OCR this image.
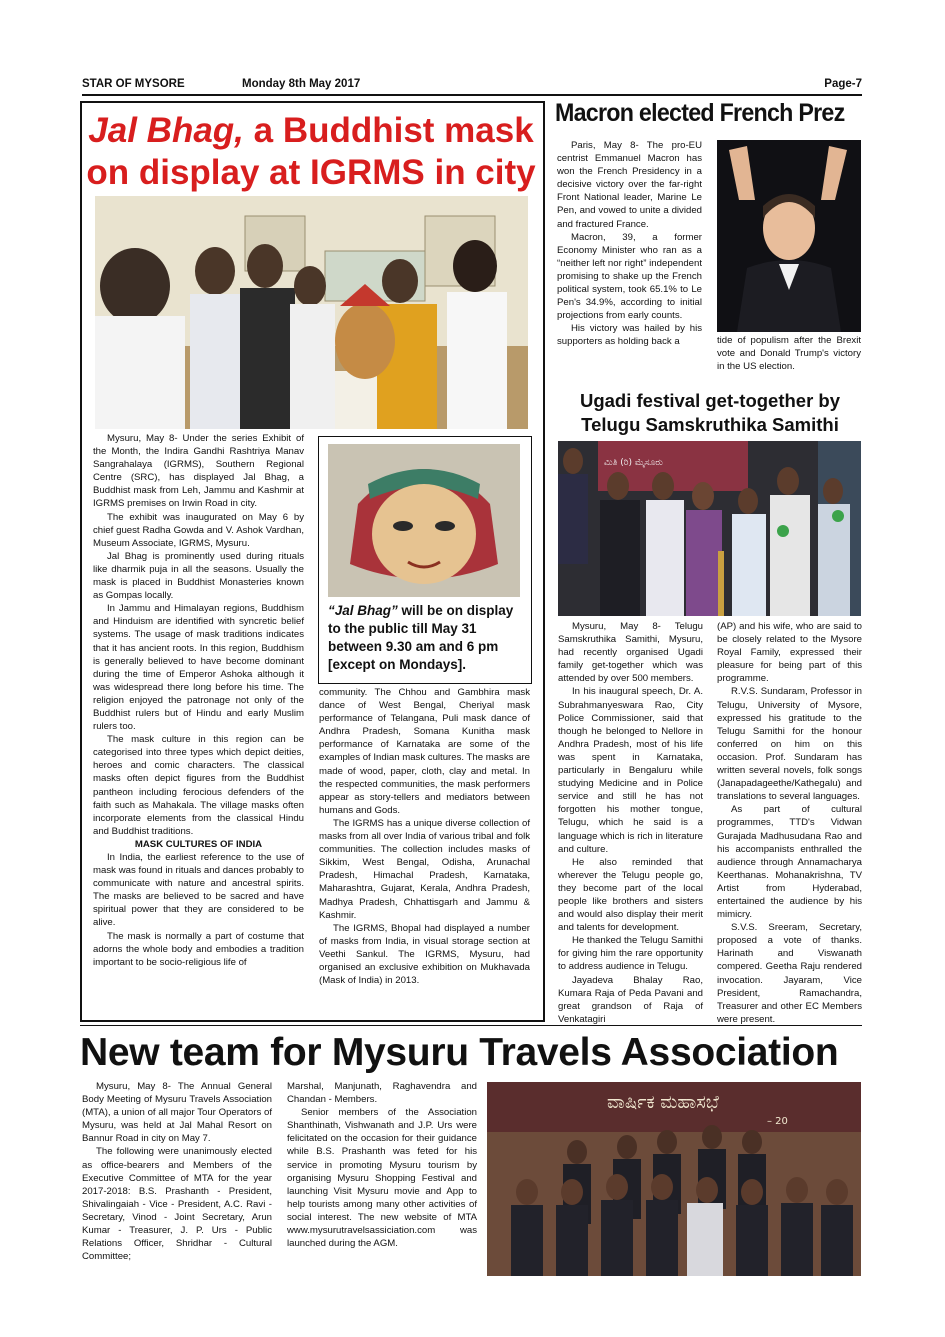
STAR OF MYSORE	Monday 8th May 2017	Page-7
Jal Bhag, a Buddhist mask
on display at IGRMS in city

Mysuru, May 8- Under the series Exhibit of the Month, the Indira Gandhi Rashtriya Manav Sangrahalaya (IGRMS), Southern Regional Centre (SRC), has displayed Jal Bhag, a Buddhist mask from Leh, Jammu and Kashmir at IGRMS premises on Irwin Road in city.

The exhibit was inaugurated on May 6 by chief guest Radha Gowda and V. Ashok Vardhan, Museum Associate, IGRMS, Mysuru.

Jal Bhag is prominently used during rituals like dharmik puja in all the seasons. Usually the mask is placed in Buddhist Monasteries known as Gompas locally.

In Jammu and Himalayan regions, Buddhism and Hinduism are identified with syncretic belief systems. The usage of mask traditions indicates that it has ancient roots. In this region, Buddhism is generally believed to have become dominant during the time of Emperor Ashoka although it was widespread there long before his time. The religion enjoyed the patronage not only of the Buddhist rulers but of Hindu and early Muslim rulers too.

The mask culture in this region can be categorised into three types which depict deities, heroes and comic characters. The classical masks often depict figures from the Buddhist pantheon including ferocious defenders of the faith such as Mahakala. The village masks often incorporate elements from the classical Hindu and Buddhist traditions.

MASK CULTURES OF INDIA

In India, the earliest reference to the use of mask was found in rituals and dances probably to communicate with nature and ancestral spirits. The masks are believed to be sacred and have spiritual power that they are considered to be alive.

The mask is normally a part of costume that adorns the whole body and embodies a tradition important to be socio-religious life of

“Jal Bhag” will be on display to the public till May 31 between 9.30 am and 6 pm [except on Mondays].

community. The Chhou and Gambhira mask dance of West Bengal, Cheriyal mask performance of Telangana, Puli mask dance of Andhra Pradesh, Somana Kunitha mask performance of Karnataka are some of the examples of Indian mask cultures. The masks are made of wood, paper, cloth, clay and metal. In the respected communities, the mask performers appear as story-tellers and mediators between humans and Gods.

The IGRMS has a unique diverse collection of masks from all over India of various tribal and folk communities. The collection includes masks of Sikkim, West Bengal, Odisha, Arunachal Pradesh, Himachal Pradesh, Karnataka, Maharashtra, Gujarat, Kerala, Andhra Pradesh, Madhya Pradesh, Chhattisgarh and Jammu & Kashmir.

The IGRMS, Bhopal had displayed a number of masks from India, in visual storage section at Veethi Sankul. The IGRMS, Mysuru, had organised an exclusive exhibition on Mukhavada (Mask of India) in 2013.

Macron elected French Prez

Paris, May 8- The pro-EU centrist Emmanuel Macron has won the French Presidency in a decisive victory over the far-right Front National leader, Marine Le Pen, and vowed to unite a divided and fractured France.

Macron, 39, a former Economy Minister who ran as a “neither left nor right” independent promising to shake up the French political system, took 65.1% to Le Pen's 34.9%, according to initial projections from early counts.

His victory was hailed by his supporters as holding back a	tide of populism after the Brexit vote and Donald Trump's victory in the US election.
Ugadi festival get-together by
Telugu Samskruthika Samithi
ಮಿತಿ (ರಿ) ಮೈಸೂರು

Mysuru, May 8- Telugu Samskruthika Samithi, Mysuru, had recently organised Ugadi family get-together which was attended by over 500 members.

In his inaugural speech, Dr. A. Subrahmanyeswara Rao, City Police Commissioner, said that though he belonged to Nellore in Andhra Pradesh, most of his life was spent in Karnataka, particularly in Bengaluru while studying Medicine and in Police service and still he has not forgotten his mother tongue, Telugu, which he said is a language which is rich in literature and culture.

He also reminded that wherever the Telugu people go, they become part of the local people like brothers and sisters and would also display their merit and talents for development.

He thanked the Telugu Samithi for giving him the rare opportunity to address audience in Telugu.

Jayadeva Bhalay Rao, Kumara Raja of Peda Pavani and great grandson of Raja of Venkatagiri

(AP) and his wife, who are said to be closely related to the Mysore Royal Family, expressed their pleasure for being part of this programme.

R.V.S. Sundaram, Professor in Telugu, University of Mysore, expressed his gratitude to the Telugu Samithi for the honour conferred on him on this occasion. Prof. Sundaram has written several novels, folk songs (Janapadageethe/Kathegalu) and translations to several languages.

As part of cultural programmes, TTD's Vidwan Gurajada Madhusudana Rao and his accompanists enthralled the audience through Annamacharya Keerthanas. Mohanakrishna, TV Artist from Hyderabad, entertained the audience by his mimicry.

S.V.S. Sreeram, Secretary, proposed a vote of thanks. Harinath and Viswanath compered. Geetha Raju rendered invocation. Jayaram, Vice President, Ramachandra, Treasurer and other EC Members were present.

New team for Mysuru Travels Association

Mysuru, May 8- The Annual General Body Meeting of Mysuru Travels Association (MTA), a union of all major Tour Operators of Mysuru, was held at Jal Mahal Resort on Bannur Road in city on May 7.

The following were unanimously elected as office-bearers and Members of the Executive Committee of MTA for the year 2017-2018: B.S. Prashanth - President, Shivalingaiah - Vice - President, A.C. Ravi - Secretary, Vinod - Joint Secretary, Arun Kumar - Treasurer, J. P. Urs - Public Relations Officer, Shridhar - Cultural Committee;

Marshal, Manjunath, Raghavendra and Chandan - Members.

Senior members of the Association Shanthinath, Vishwanath and J.P. Urs were felicitated on the occasion for their guidance while B.S. Prashanth was feted for his service in promoting Mysuru tourism by organising Mysuru Shopping Festival and launching Visit Mysuru movie and App to help tourists among many other activities of social interest. The new website of MTA www.mysurutravelsassiciation.com was launched during the AGM.

ವಾರ್ಷಿಕ ಮಹಾಸಭೆ
– 20
